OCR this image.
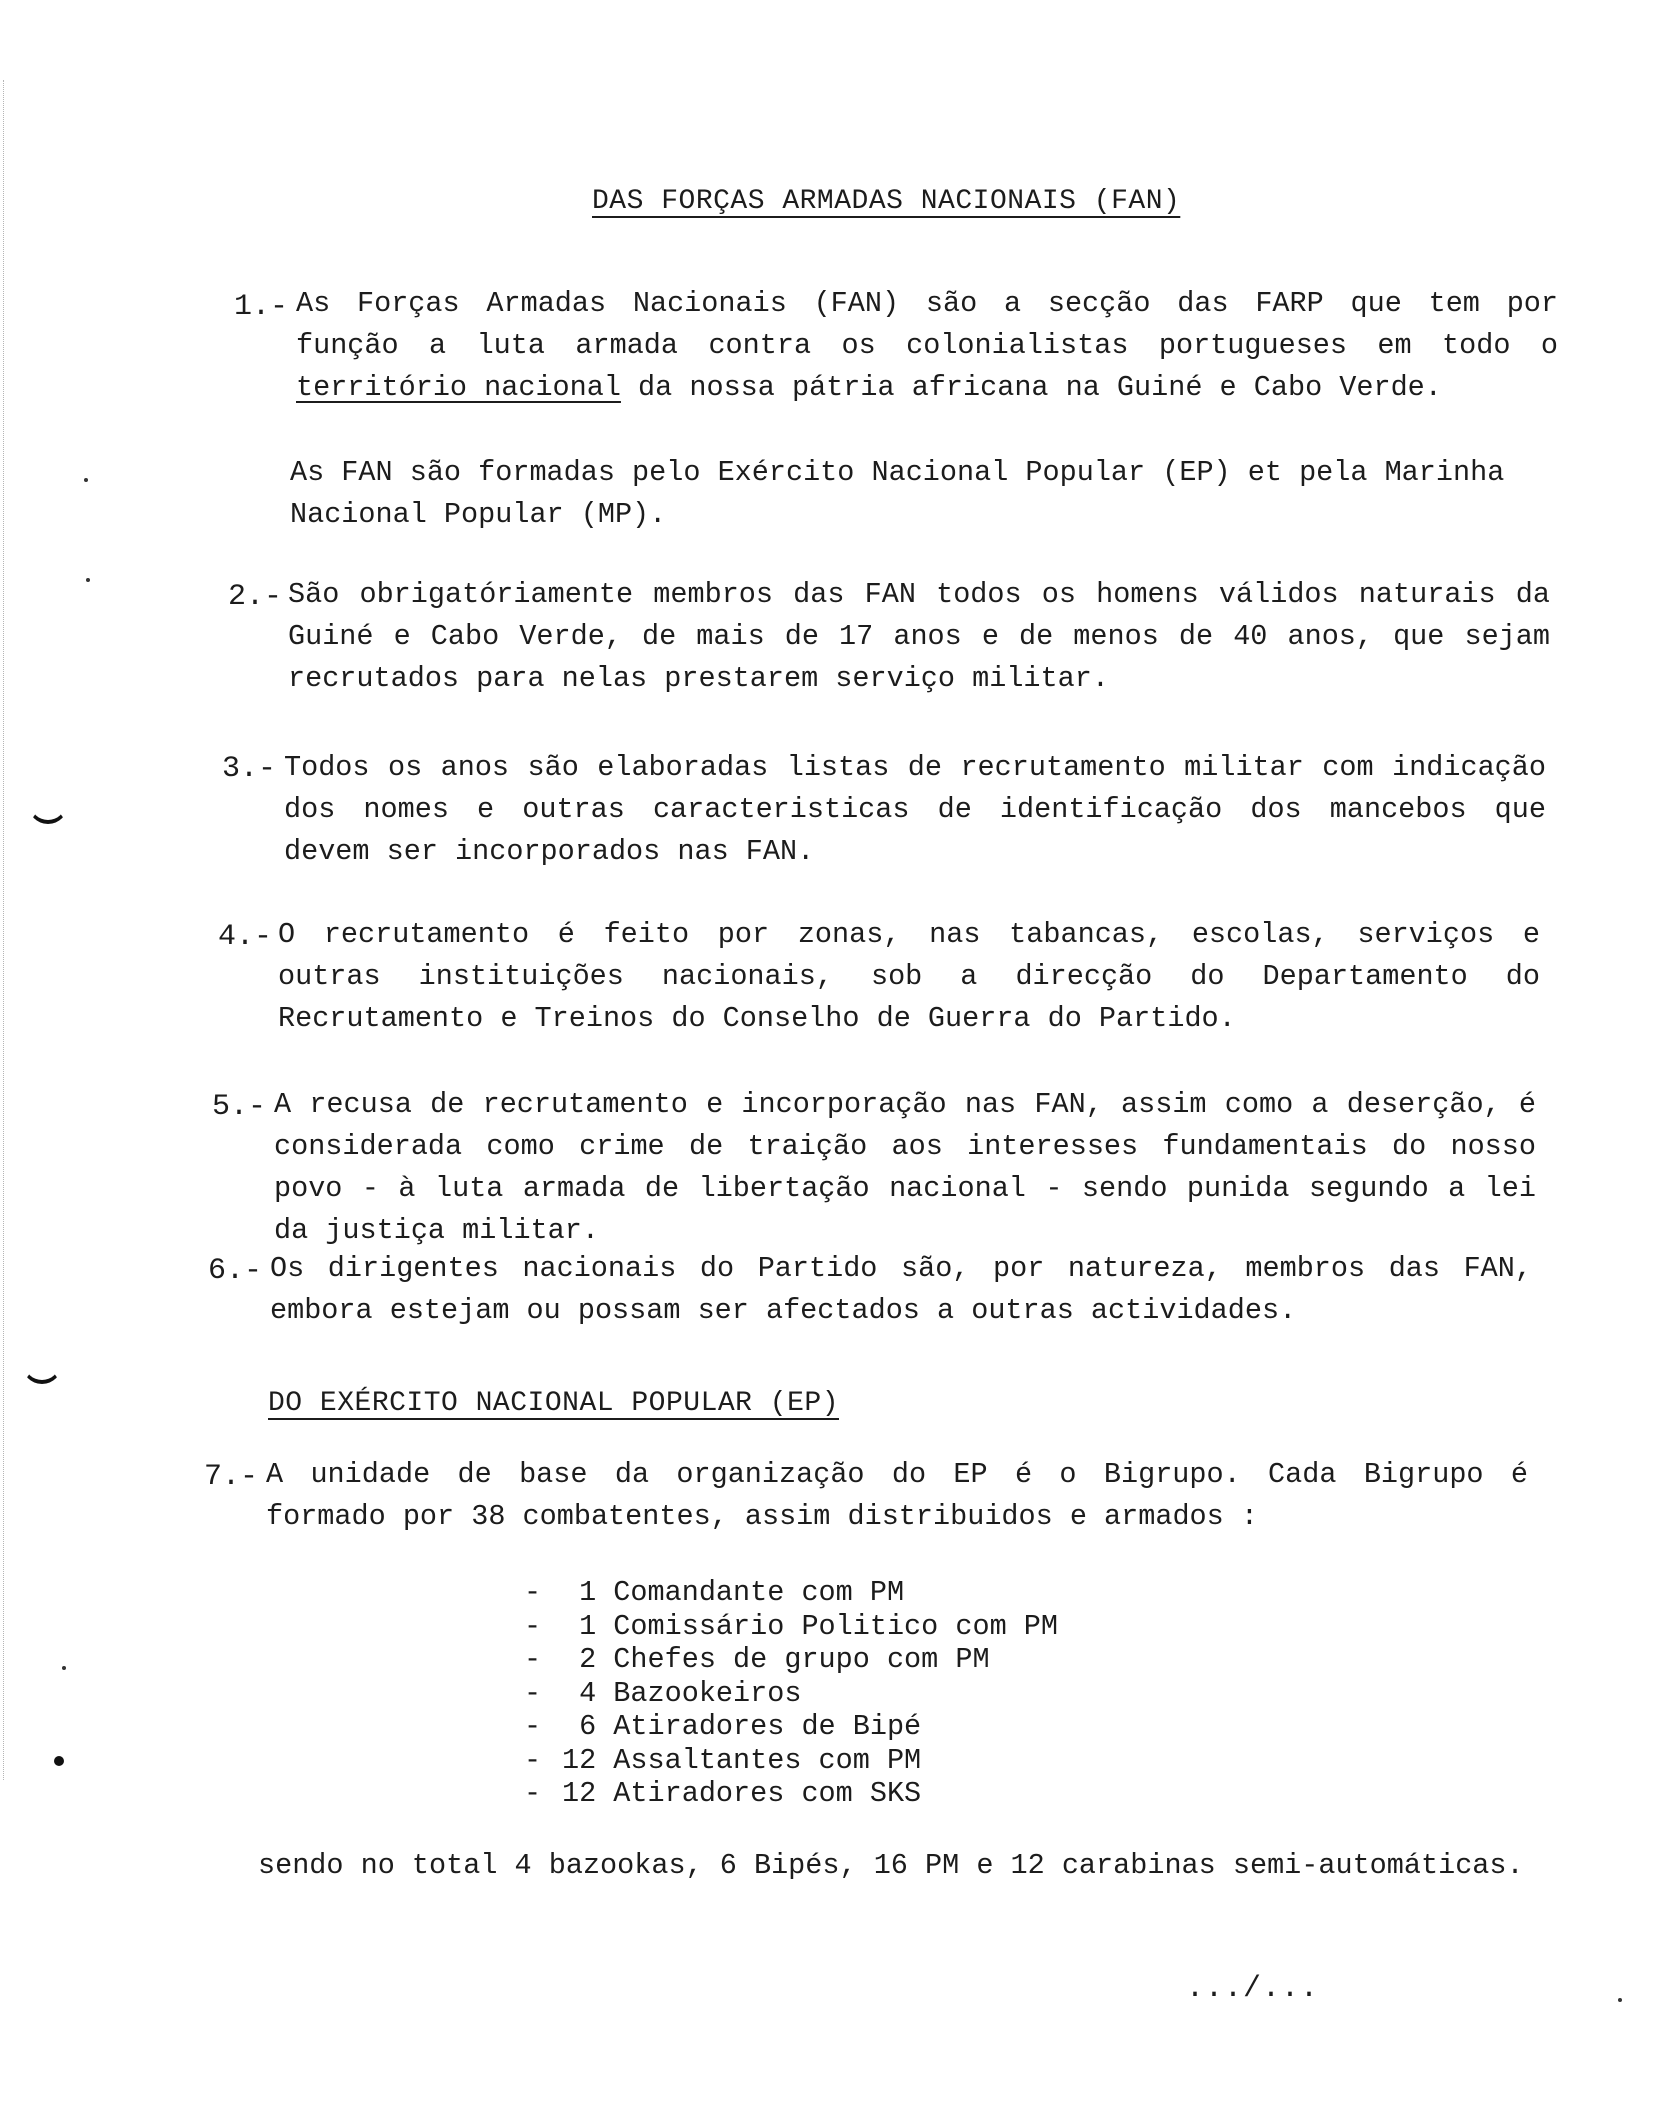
DAS FORÇAS ARMADAS NACIONAIS (FAN)
1.- As Forças Armadas Nacionais (FAN) são a secção das FARP que tem por função a luta armada contra os colonialistas portugueses em todo o território nacional da nossa pátria africana na Guiné e Cabo Verde.
As FAN são formadas pelo Exército Nacional Popular (EP) et pela Marinha Nacional Popular (MP).
2.- São obrigatóriamente membros das FAN todos os homens válidos naturais da Guiné e Cabo Verde, de mais de 17 anos e de menos de 40 anos, que sejam recrutados para nelas prestarem serviço militar.
3.- Todos os anos são elaboradas listas de recrutamento militar com indicação dos nomes e outras caracteristicas de identificação dos mancebos que devem ser incorporados nas FAN.
4.- O recrutamento é feito por zonas, nas tabancas, escolas, serviços e outras instituições nacionais, sob a direcção do Departamento do Recrutamento e Treinos do Conselho de Guerra do Partido.
5.- A recusa de recrutamento e incorporação nas FAN, assim como a deserção, é considerada como crime de traição aos interesses fundamentais do nosso povo - à luta armada de libertação nacional - sendo punida segundo a lei da justiça militar.
6.- Os dirigentes nacionais do Partido são, por natureza, membros das FAN, embora estejam ou possam ser afectados a outras actividades.
DO EXÉRCITO NACIONAL POPULAR (EP)
7.- A unidade de base da organização do EP é o Bigrupo. Cada Bigrupo é formado por 38 combatentes, assim distribuidos e armados :
- 1 Comandante com PM
- 1 Comissário Politico com PM
- 2 Chefes de grupo com PM
- 4 Bazookeiros
- 6 Atiradores de Bipé
- 12 Assaltantes com PM
- 12 Atiradores com SKS
sendo no total 4 bazookas, 6 Bipés, 16 PM e 12 carabinas semi-automáticas.
.../...
